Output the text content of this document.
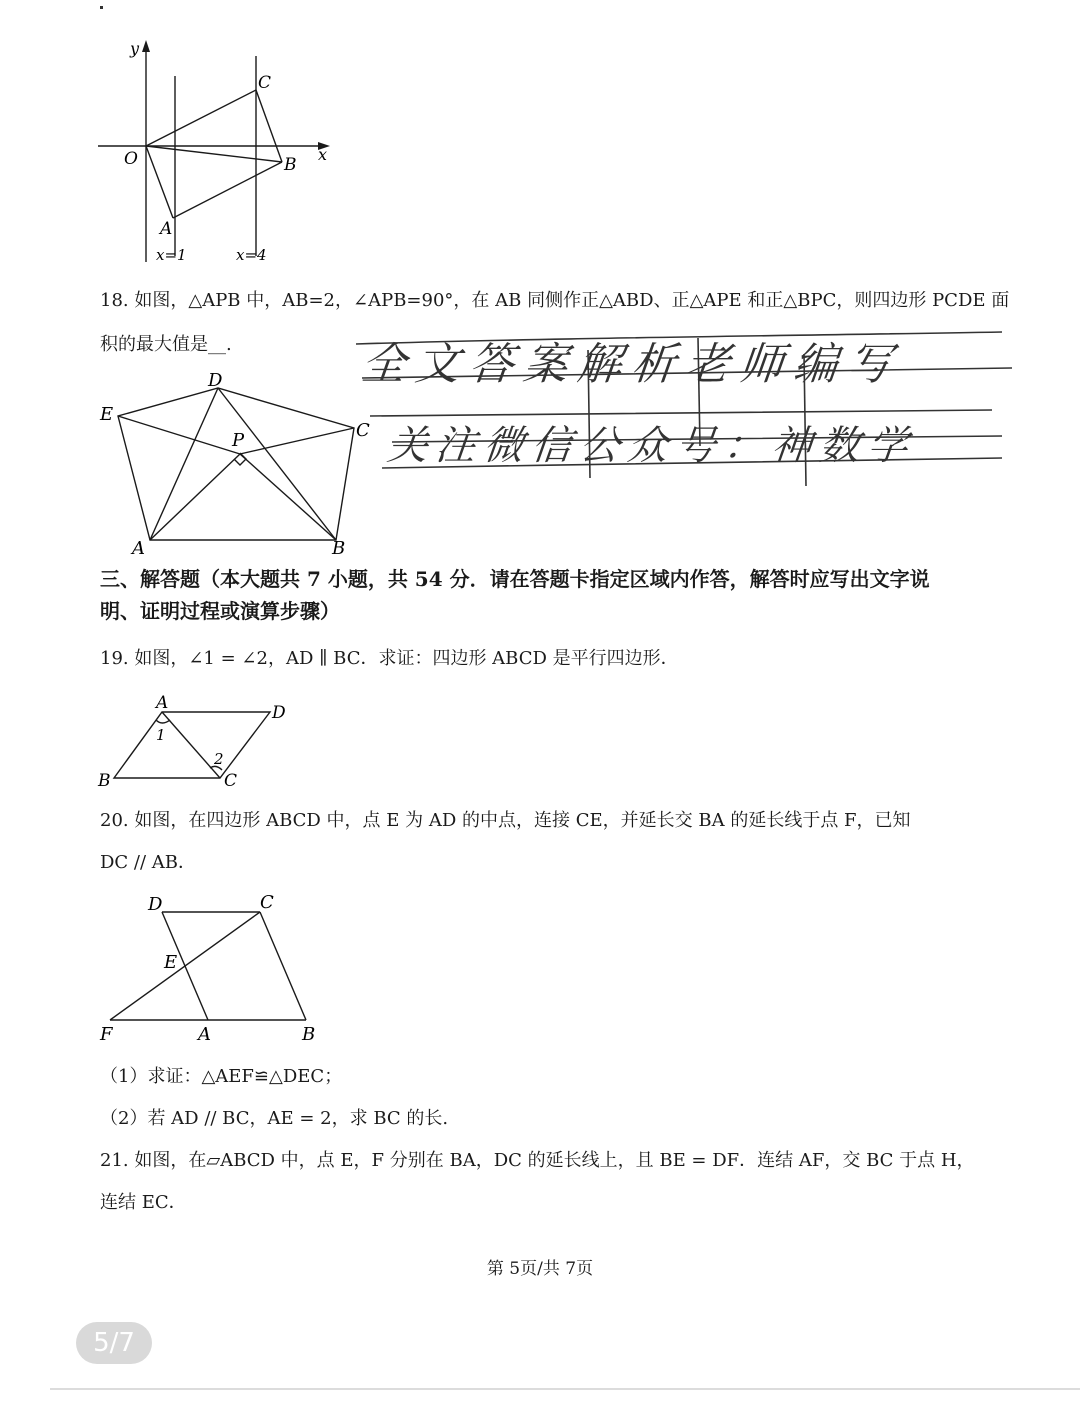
y
x
O
C
B
A
x=1	x=4
18. 如图，△APB 中，AB=2，∠APB=90°，在 AB 同侧作正△ABD、正△APE 和正△BPC，则四边形 PCDE 面
积的最大值是__.
D
E
C
P
A	B
全文答案解析老师编写
关注微信公众号：神数学
三、解答题（本大题共 7 小题，共 54 分．请在答题卡指定区域内作答，解答时应写出文字说
明、证明过程或演算步骤）
19. 如图，∠1 = ∠2，AD ∥ BC．求证：四边形 ABCD 是平行四边形．
A	D
B	C
1
2
20. 如图，在四边形 ABCD 中，点 E 为 AD 的中点，连接 CE，并延长交 BA 的延长线于点 F，已知
DC // AB．
D	C
E
F	A	B
（1）求证：△AEF≌△DEC；
（2）若 AD // BC，AE = 2，求 BC 的长.
21. 如图，在▱ABCD 中，点 E，F 分别在 BA，DC 的延长线上，且 BE = DF．连结 AF，交 BC 于点 H，
连结 EC．
第 5页/共 7页
5/7
